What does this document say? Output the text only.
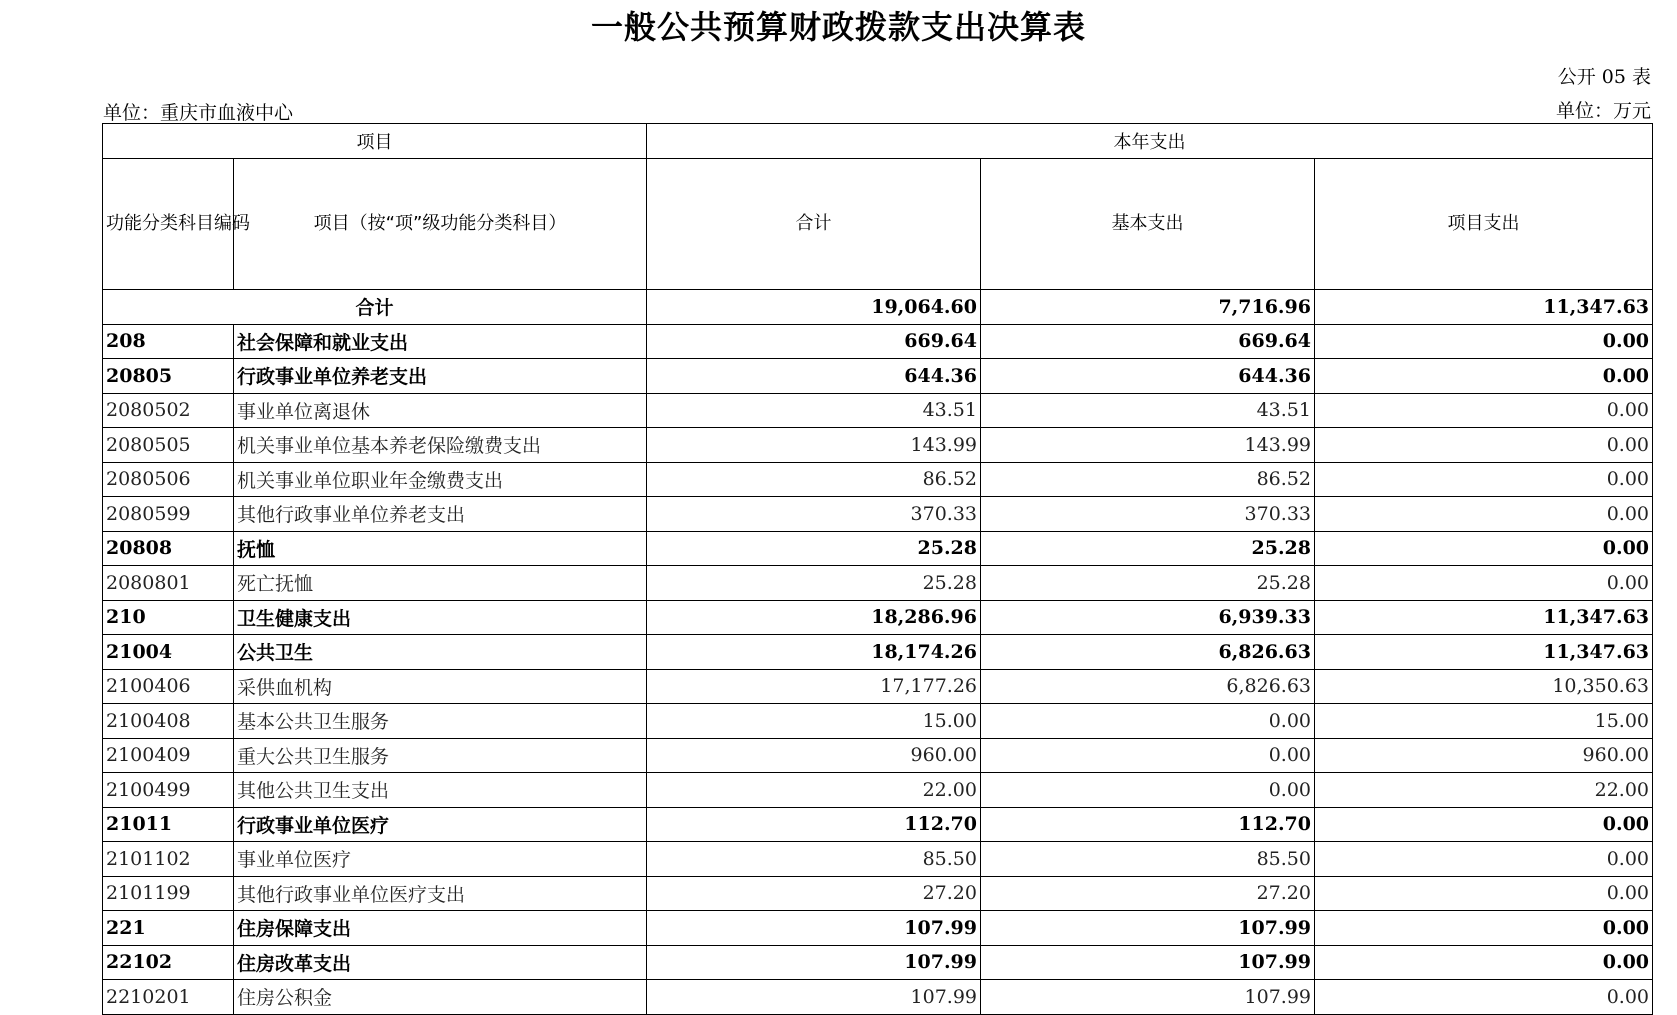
一般公共预算财政拨款支出决算表
公开 05 表
单位：重庆市血液中心	单位：万元
项目		本年支出		
功能分类科目编码	项目（按“项”级功能分类科目）	合计	基本支出	项目支出
合计		19,064.60	7,716.96	11,347.63
208	社会保障和就业支出	669.64	669.64	0.00
20805	行政事业单位养老支出	644.36	644.36	0.00
2080502	事业单位离退休	43.51	43.51	0.00
2080505	机关事业单位基本养老保险缴费支出	143.99	143.99	0.00
2080506	机关事业单位职业年金缴费支出	86.52	86.52	0.00
2080599	其他行政事业单位养老支出	370.33	370.33	0.00
20808	抚恤	25.28	25.28	0.00
2080801	死亡抚恤	25.28	25.28	0.00
210	卫生健康支出	18,286.96	6,939.33	11,347.63
21004	公共卫生	18,174.26	6,826.63	11,347.63
2100406	采供血机构	17,177.26	6,826.63	10,350.63
2100408	基本公共卫生服务	15.00	0.00	15.00
2100409	重大公共卫生服务	960.00	0.00	960.00
2100499	其他公共卫生支出	22.00	0.00	22.00
21011	行政事业单位医疗	112.70	112.70	0.00
2101102	事业单位医疗	85.50	85.50	0.00
2101199	其他行政事业单位医疗支出	27.20	27.20	0.00
221	住房保障支出	107.99	107.99	0.00
22102	住房改革支出	107.99	107.99	0.00
2210201	住房公积金	107.99	107.99	0.00
